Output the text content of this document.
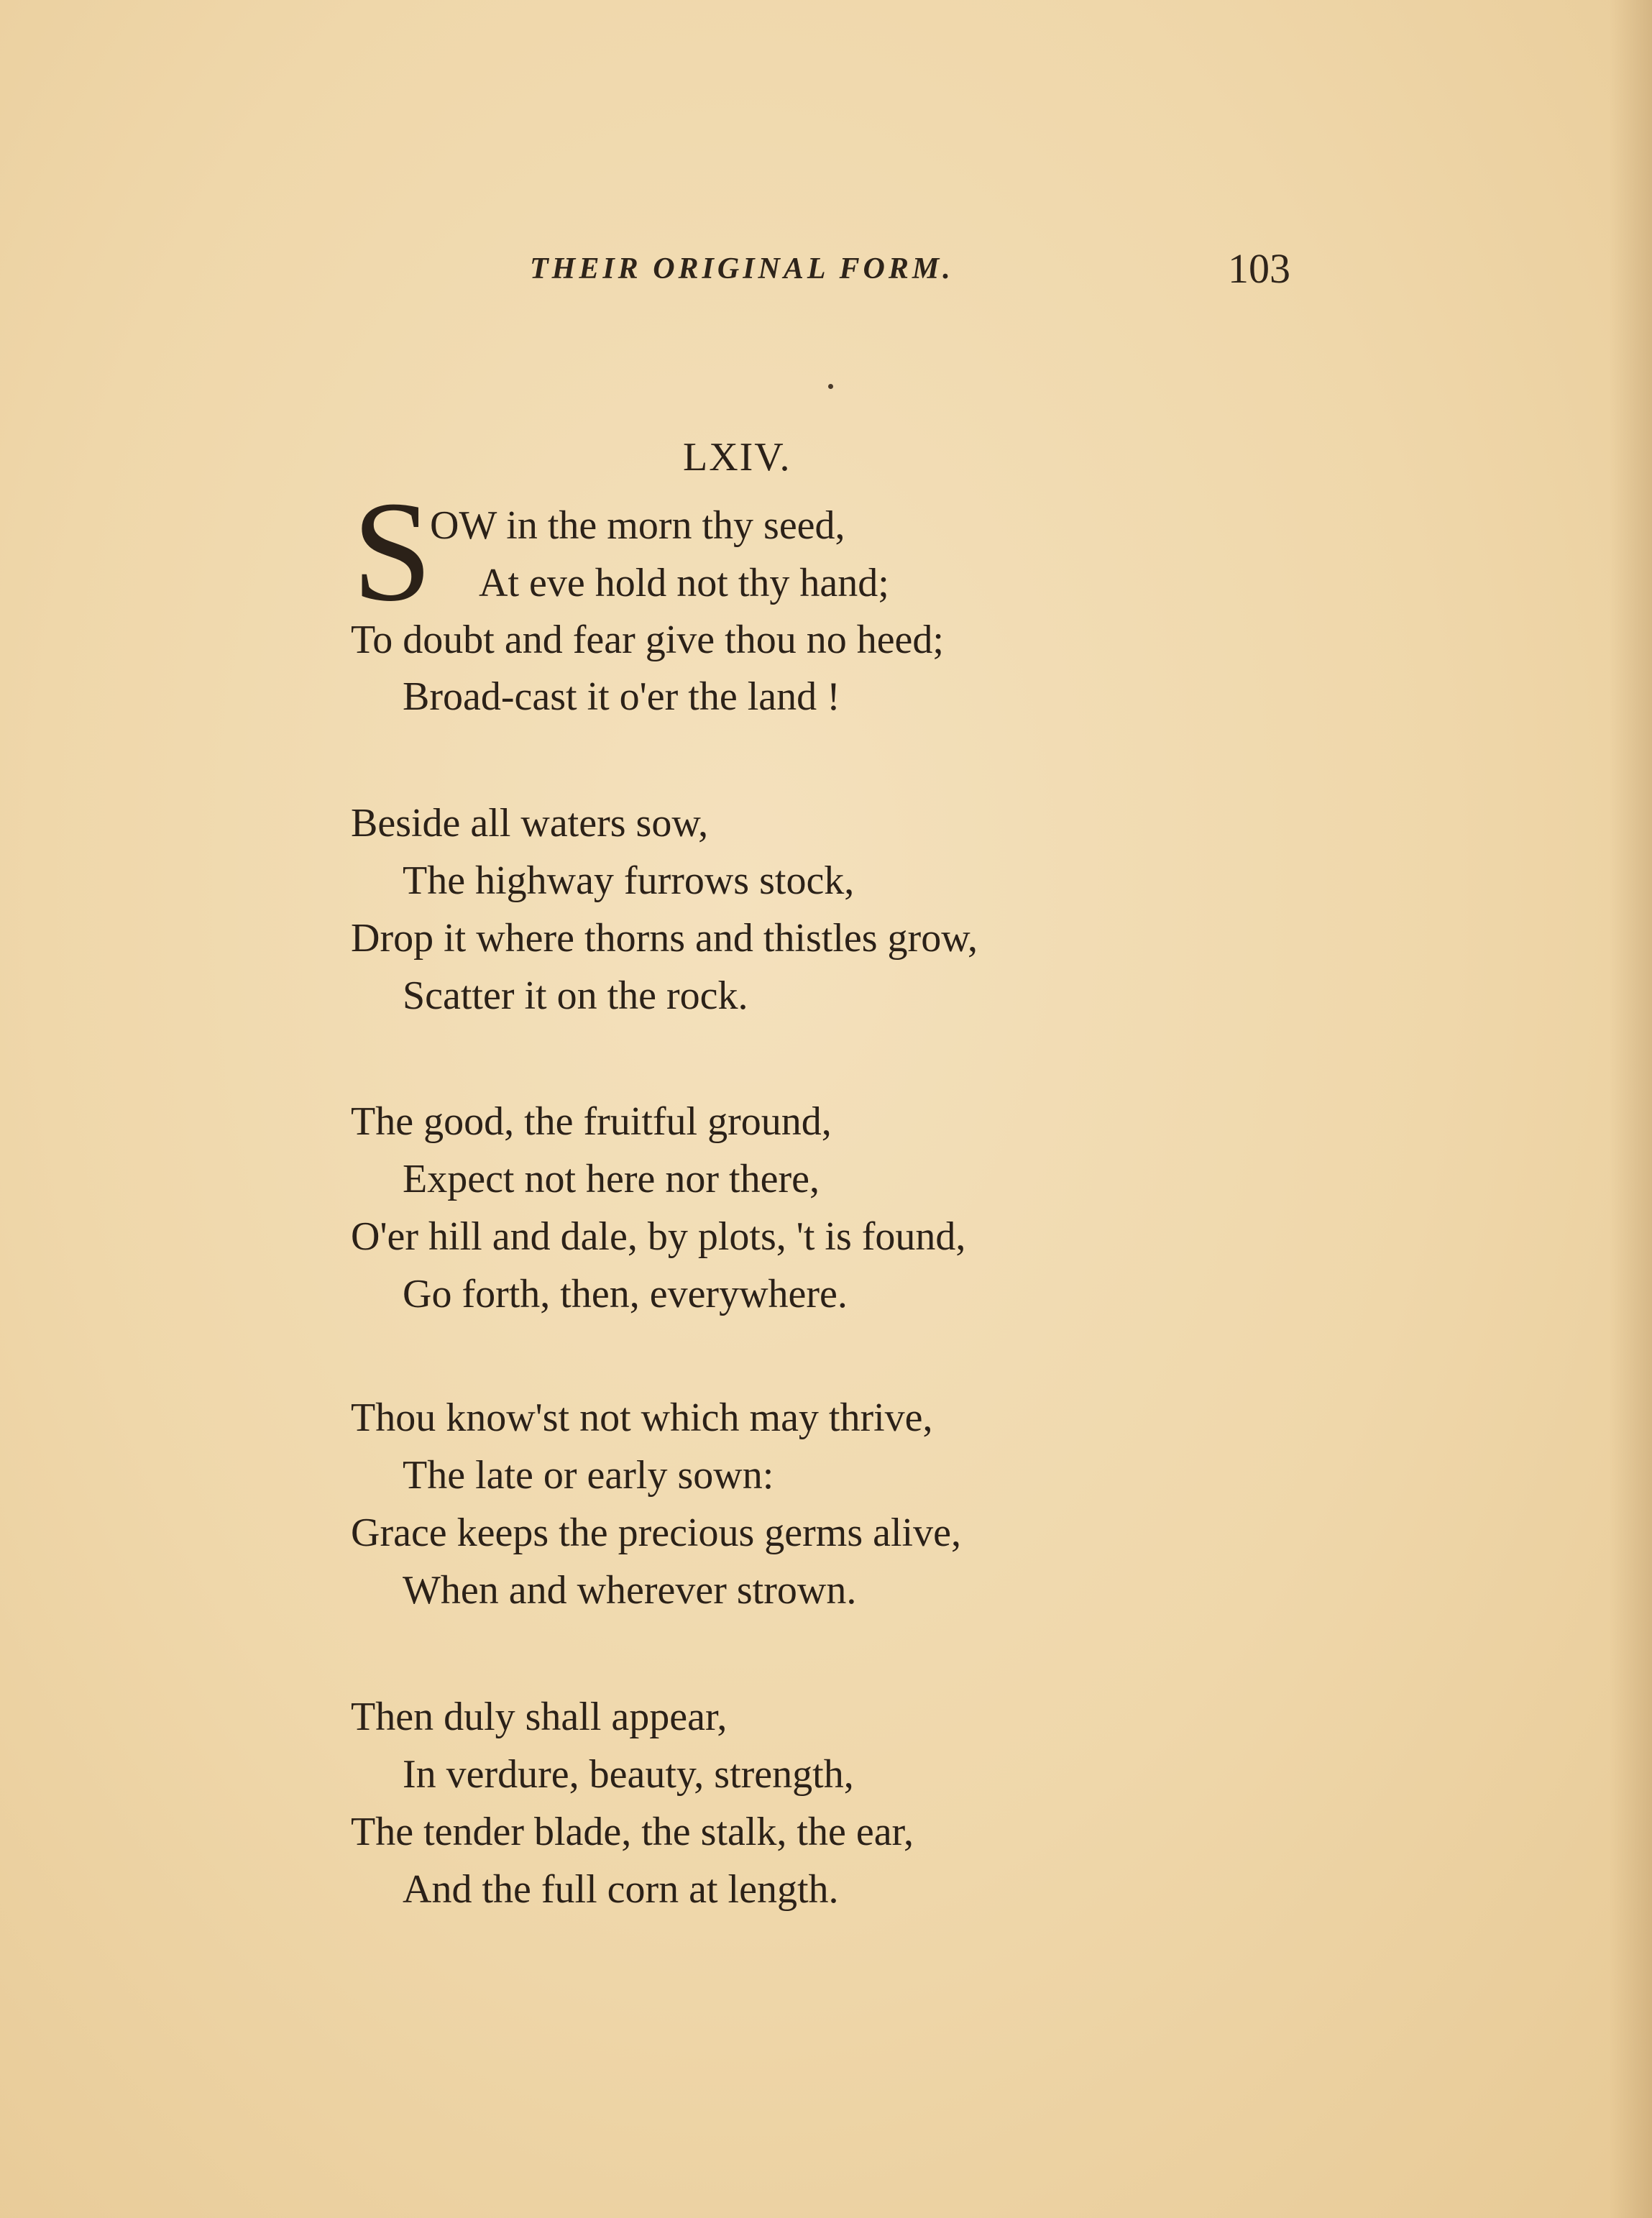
THEIR ORIGINAL FORM.	103
LXIV.
S
OW in the morn thy seed,
At eve hold not thy hand;
To doubt and fear give thou no heed;
Broad-cast it o'er the land !
Beside all waters sow,
The highway furrows stock,
Drop it where thorns and thistles grow,
Scatter it on the rock.
The good, the fruitful ground,
Expect not here nor there,
O'er hill and dale, by plots, 't is found,
Go forth, then, everywhere.
Thou know'st not which may thrive,
The late or early sown:
Grace keeps the precious germs alive,
When and wherever strown.
Then duly shall appear,
In verdure, beauty, strength,
The tender blade, the stalk, the ear,
And the full corn at length.
